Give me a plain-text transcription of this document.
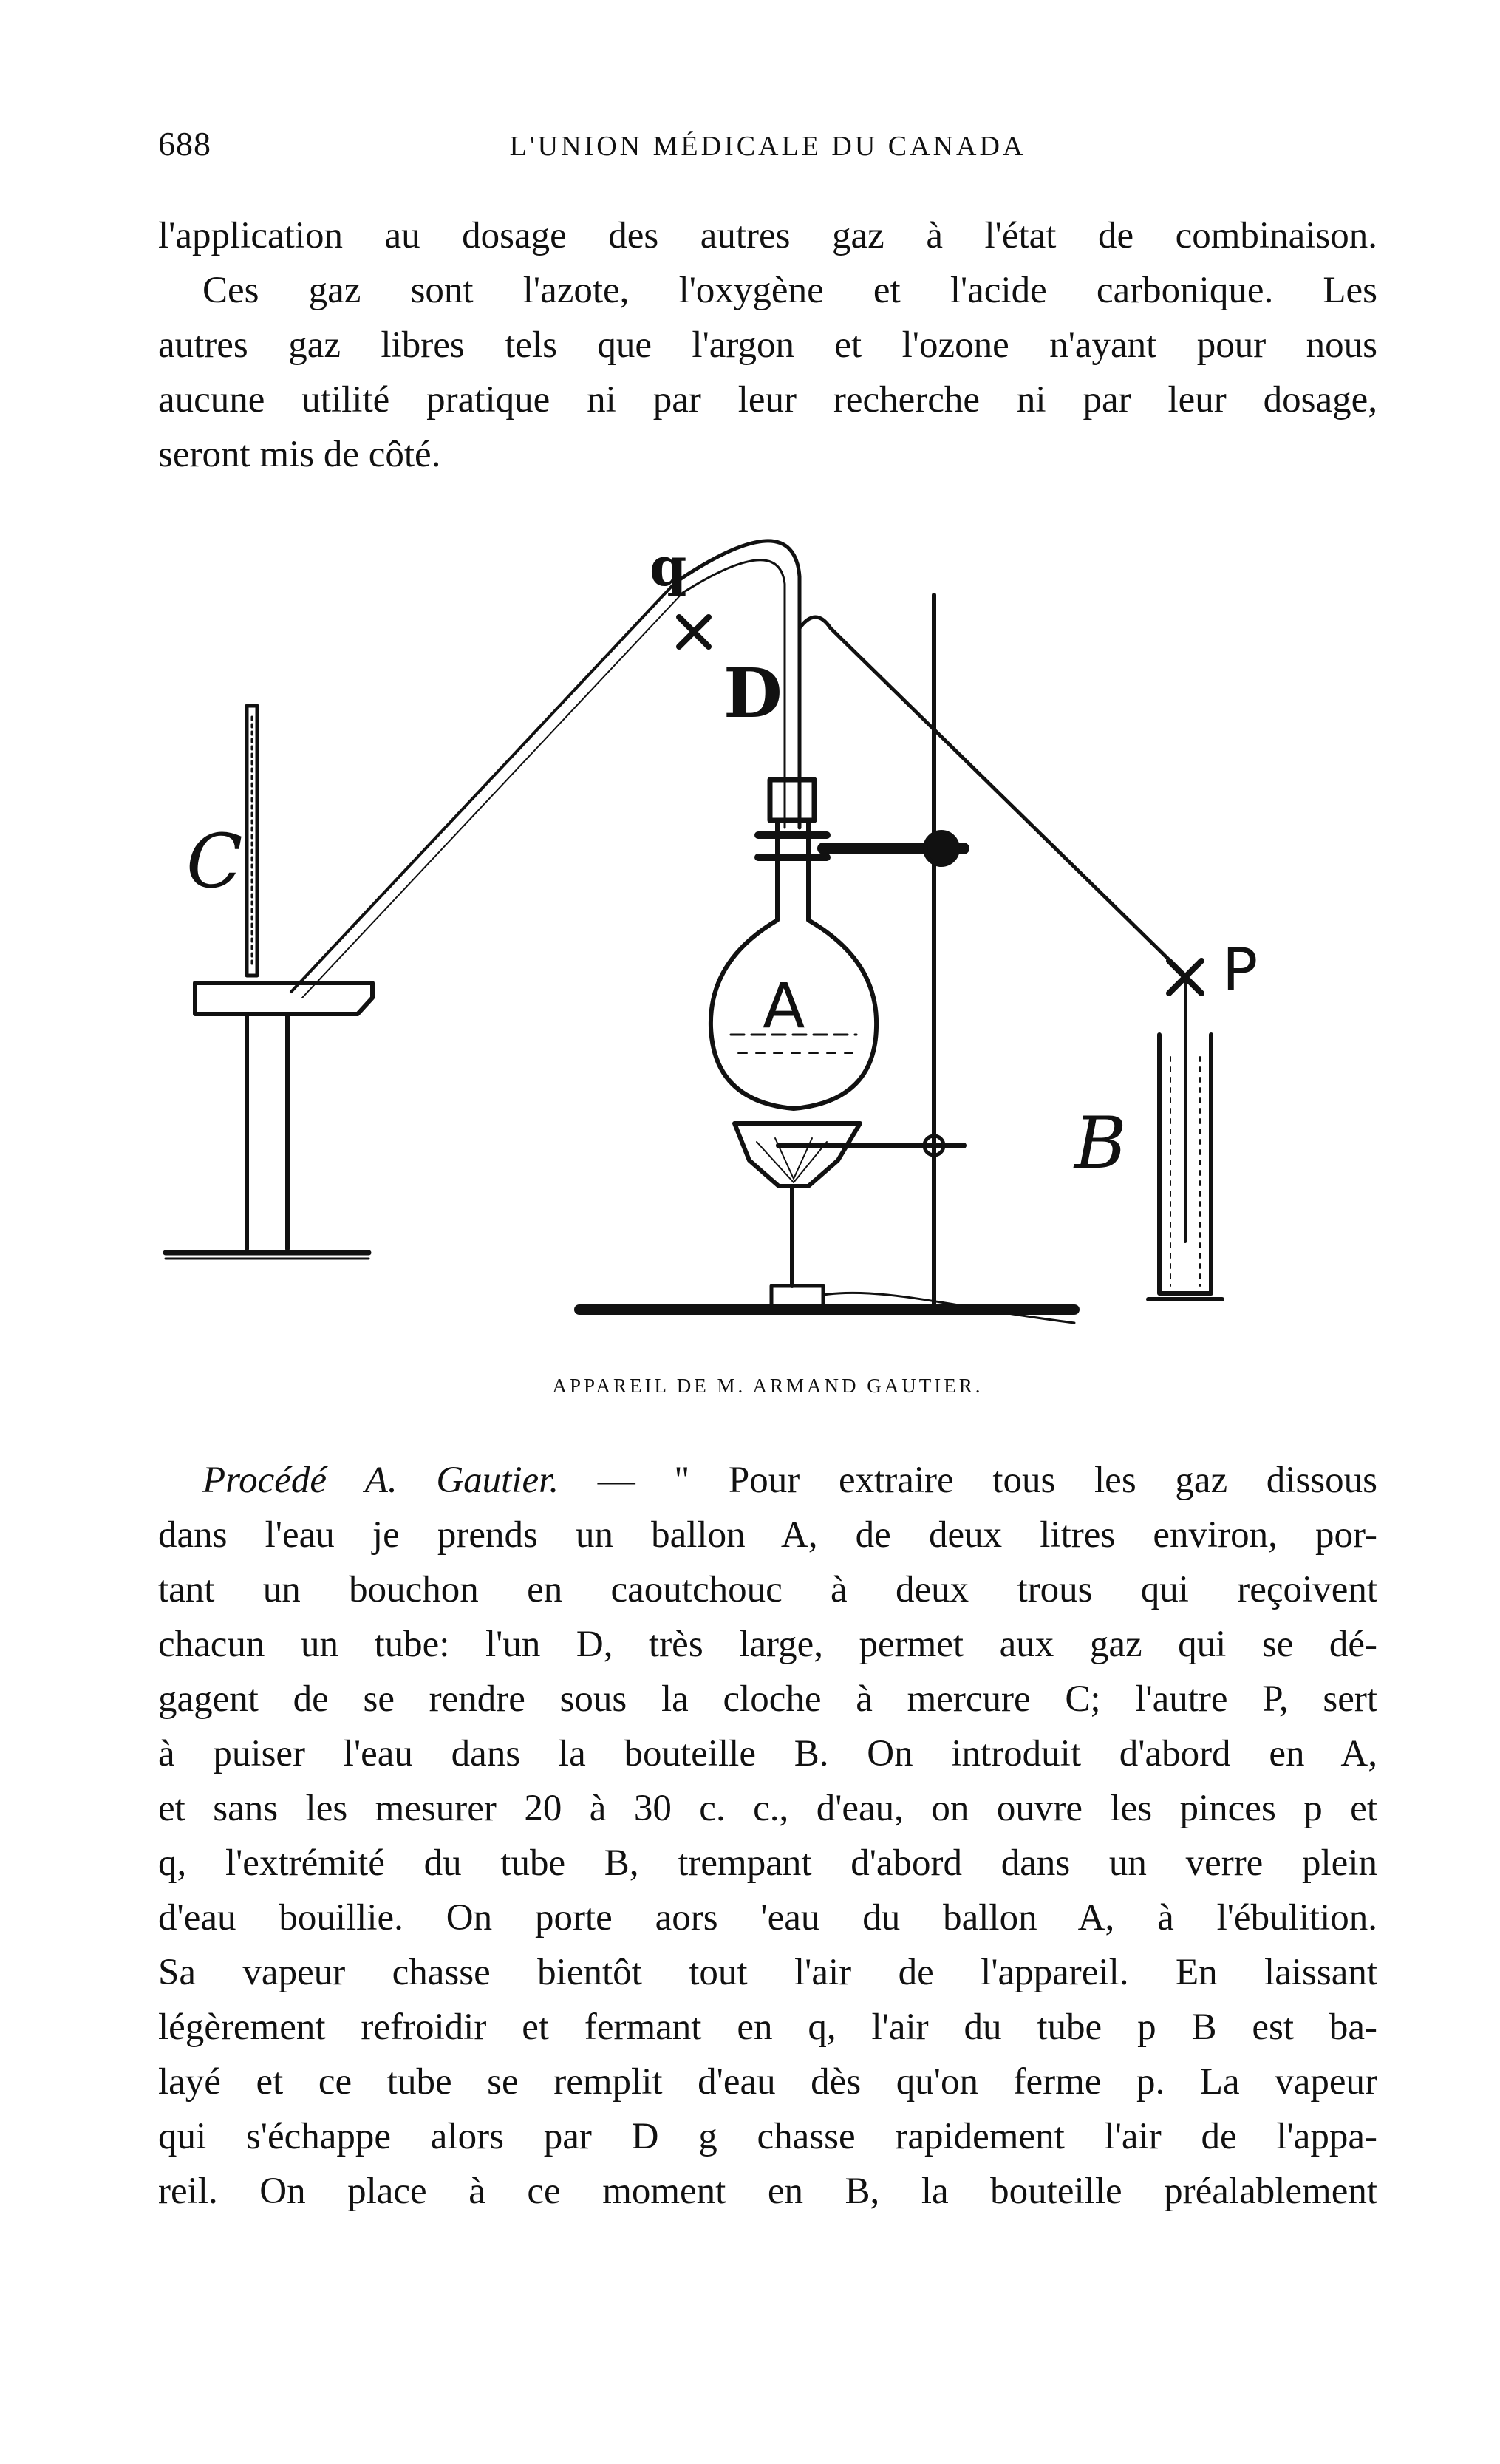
688	L'UNION MÉDICALE DU CANADA
l'application au dosage des autres gaz à l'état de combinaison.
Ces gaz sont l'azote, l'oxygène et l'acide carbonique. Les
autres gaz libres tels que l'argon et l'ozone n'ayant pour nous
aucune utilité pratique ni par leur recherche ni par leur dosage,
seront mis de côté.
q
D
C
A	P
B
APPAREIL DE M. ARMAND GAUTIER.
Procédé A. Gautier. — " Pour extraire tous les gaz dissous
dans l'eau je prends un ballon A, de deux litres environ, por-
tant un bouchon en caoutchouc à deux trous qui reçoivent
chacun un tube: l'un D, très large, permet aux gaz qui se dé-
gagent de se rendre sous la cloche à mercure C; l'autre P, sert
à puiser l'eau dans la bouteille B. On introduit d'abord en A,
et sans les mesurer 20 à 30 c. c., d'eau, on ouvre les pinces p et
q, l'extrémité du tube B, trempant d'abord dans un verre plein
d'eau bouillie. On porte aors 'eau du ballon A, à l'ébulition.
Sa vapeur chasse bientôt tout l'air de l'appareil. En laissant
légèrement refroidir et fermant en q, l'air du tube p B est ba-
layé et ce tube se remplit d'eau dès qu'on ferme p. La vapeur
qui s'échappe alors par D g chasse rapidement l'air de l'appa-
reil. On place à ce moment en B, la bouteille préalablement
